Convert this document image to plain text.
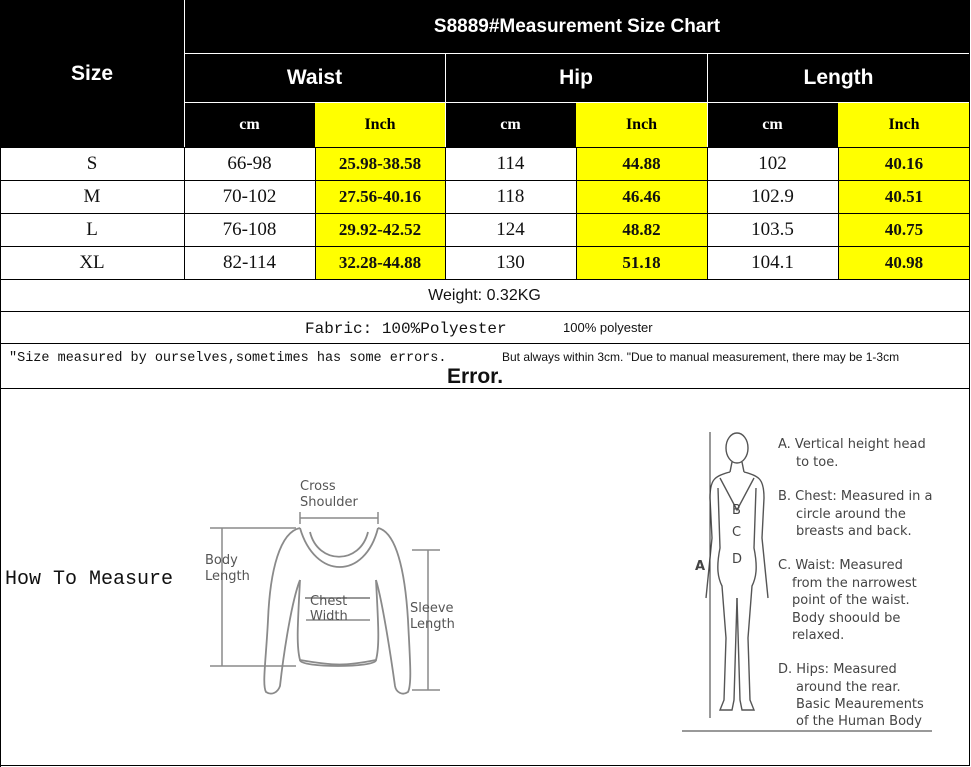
Size
S8889#Measurement Size Chart
Waist	Hip	Length
cm	Inch	cm	Inch	cm	Inch
S	66-98	25.98-38.58	114	44.88	102	40.16
M	70-102	27.56-40.16	118	46.46	102.9	40.51
L	76-108	29.92-42.52	124	48.82	103.5	40.75
XL	82-114	32.28-44.88	130	51.18	104.1	40.98
Weight: 0.32KG
Fabric: 100%Polyester	100% polyester
"Size measured by ourselves,sometimes has some errors.	But always within 3cm. "Due to manual measurement, there may be 1-3cm
Error.
How To Measure
Cross
Shoulder
Body
Length
Chest
Width
Sleeve
Length
A
B
C
D
A. Vertical height head
to toe.
B. Chest: Measured in a
circle around the
breasts and back.
C. Waist: Measured
from the narrowest
point of the waist.
Body shoould be
relaxed.
D. Hips: Measured
around the rear.
Basic Meaurements
of the Human Body
